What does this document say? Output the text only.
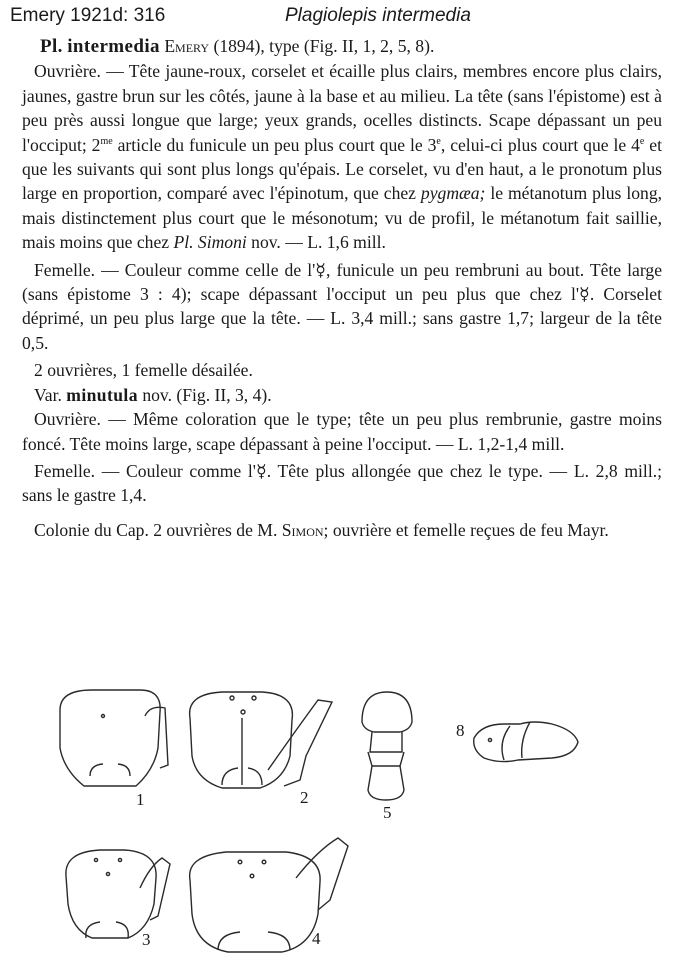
Emery 1921d: 316	Plagiolepis intermedia

Pl. intermedia Emery (1894), type (Fig. II, 1, 2, 5, 8).

Ouvrière. — Tête jaune-roux, corselet et écaille plus clairs, membres encore plus clairs, jaunes, gastre brun sur les côtés, jaune à la base et au milieu. La tête (sans l'épistome) est à peu près aussi longue que large; yeux grands, ocelles distincts. Scape dépassant un peu l'occiput; $2^{me}$ article du funicule un peu plus court que le 3e, celui-ci plus court que le 4e et que les suivants qui sont plus longs qu'épais. Le corselet, vu d'en haut, a le pronotum plus large en proportion, comparé avec l'épinotum, que chez pygmæa; le métanotum plus long, mais distinctement plus court que le mésonotum; vu de profil, le métanotum fait saillie, mais moins que chez Pl. Simoni nov. — L. 1,6 mill.

Femelle. — Couleur comme celle de l'☿, funicule un peu rembruni au bout. Tête large (sans épistome 3 : 4); scape dépassant l'occiput un peu plus que chez l'☿. Corselet déprimé, un peu plus large que la tête. — L. 3,4 mill.; sans gastre 1,7; largeur de la tête 0,5.

2 ouvrières, 1 femelle désailée.

Var. minutula nov. (Fig. II, 3, 4).

Ouvrière. — Même coloration que le type; tête un peu plus rembrunie, gastre moins foncé. Tête moins large, scape dépassant à peine l'occiput. — L. 1,2-1,4 mill.

Femelle. — Couleur comme l'☿. Tête plus allongée que chez le type. — L. 2,8 mill.; sans le gastre 1,4.

Colonie du Cap. 2 ouvrières de M. Simon; ouvrière et femelle reçues de feu Mayr.

1	2
5
8
3	4
